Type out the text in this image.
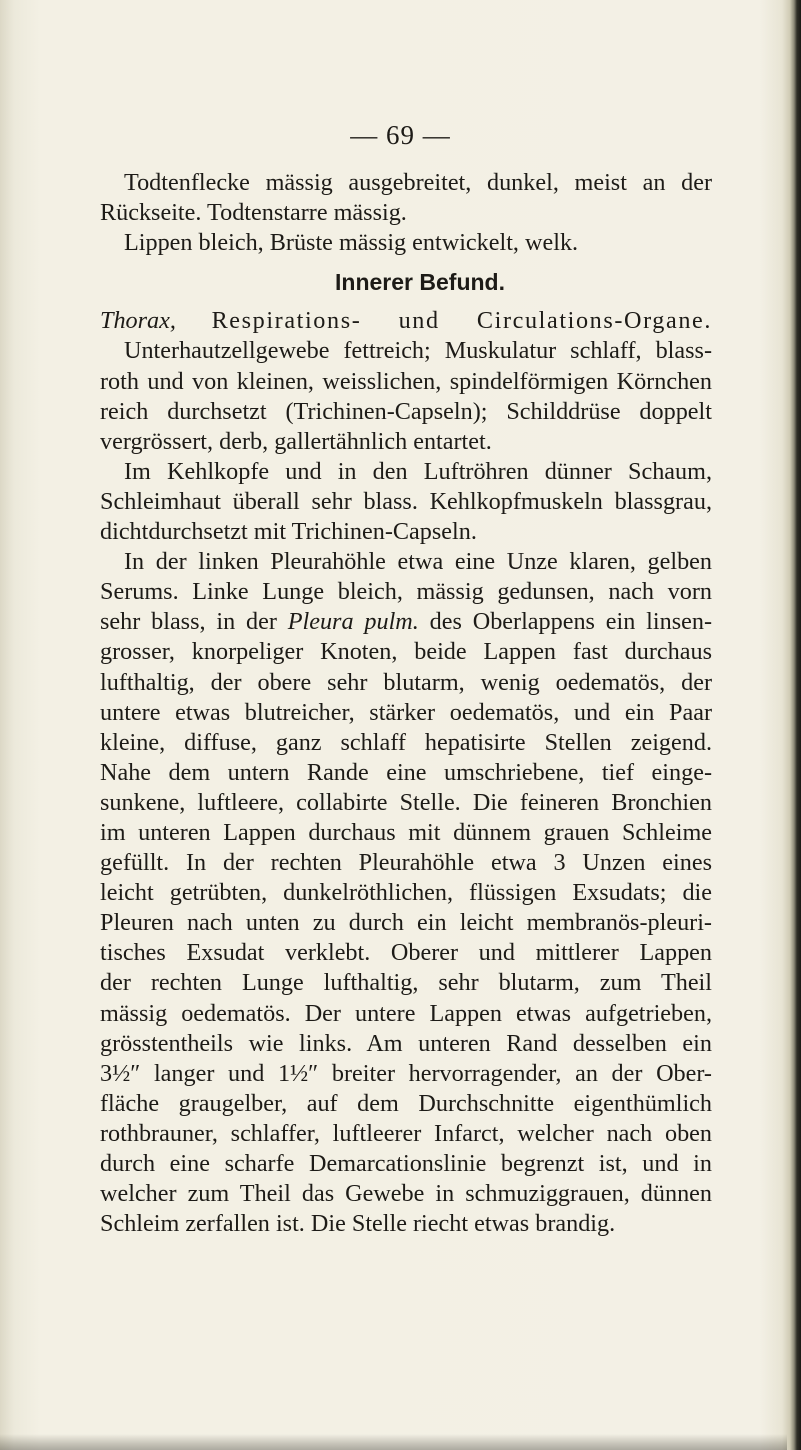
— 69 —
Todtenflecke mässig ausgebreitet, dunkel, meist an der
Rückseite. Todtenstarre mässig.
Lippen bleich, Brüste mässig entwickelt, welk.
Innerer Befund.
Thorax, Respirations- und Circulations-Organe.
Unterhautzellgewebe fettreich; Muskulatur schlaff, blass-
roth und von kleinen, weisslichen, spindelförmigen Körnchen
reich durchsetzt (Trichinen-Capseln); Schilddrüse doppelt
vergrössert, derb, gallertähnlich entartet.
Im Kehlkopfe und in den Luftröhren dünner Schaum,
Schleimhaut überall sehr blass. Kehlkopfmuskeln blassgrau,
dichtdurchsetzt mit Trichinen-Capseln.
In der linken Pleurahöhle etwa eine Unze klaren, gelben
Serums. Linke Lunge bleich, mässig gedunsen, nach vorn
sehr blass, in der Pleura pulm. des Oberlappens ein linsen-
grosser, knorpeliger Knoten, beide Lappen fast durchaus
lufthaltig, der obere sehr blutarm, wenig oedematös, der
untere etwas blutreicher, stärker oedematös, und ein Paar
kleine, diffuse, ganz schlaff hepatisirte Stellen zeigend.
Nahe dem untern Rande eine umschriebene, tief einge-
sunkene, luftleere, collabirte Stelle. Die feineren Bronchien
im unteren Lappen durchaus mit dünnem grauen Schleime
gefüllt. In der rechten Pleurahöhle etwa 3 Unzen eines
leicht getrübten, dunkelröthlichen, flüssigen Exsudats; die
Pleuren nach unten zu durch ein leicht membranös-pleuri-
tisches Exsudat verklebt. Oberer und mittlerer Lappen
der rechten Lunge lufthaltig, sehr blutarm, zum Theil
mässig oedematös. Der untere Lappen etwas aufgetrieben,
grösstentheils wie links. Am unteren Rand desselben ein
3½″ langer und 1½″ breiter hervorragender, an der Ober-
fläche graugelber, auf dem Durchschnitte eigenthümlich
rothbrauner, schlaffer, luftleerer Infarct, welcher nach oben
durch eine scharfe Demarcationslinie begrenzt ist, und in
welcher zum Theil das Gewebe in schmuziggrauen, dünnen
Schleim zerfallen ist. Die Stelle riecht etwas brandig.
